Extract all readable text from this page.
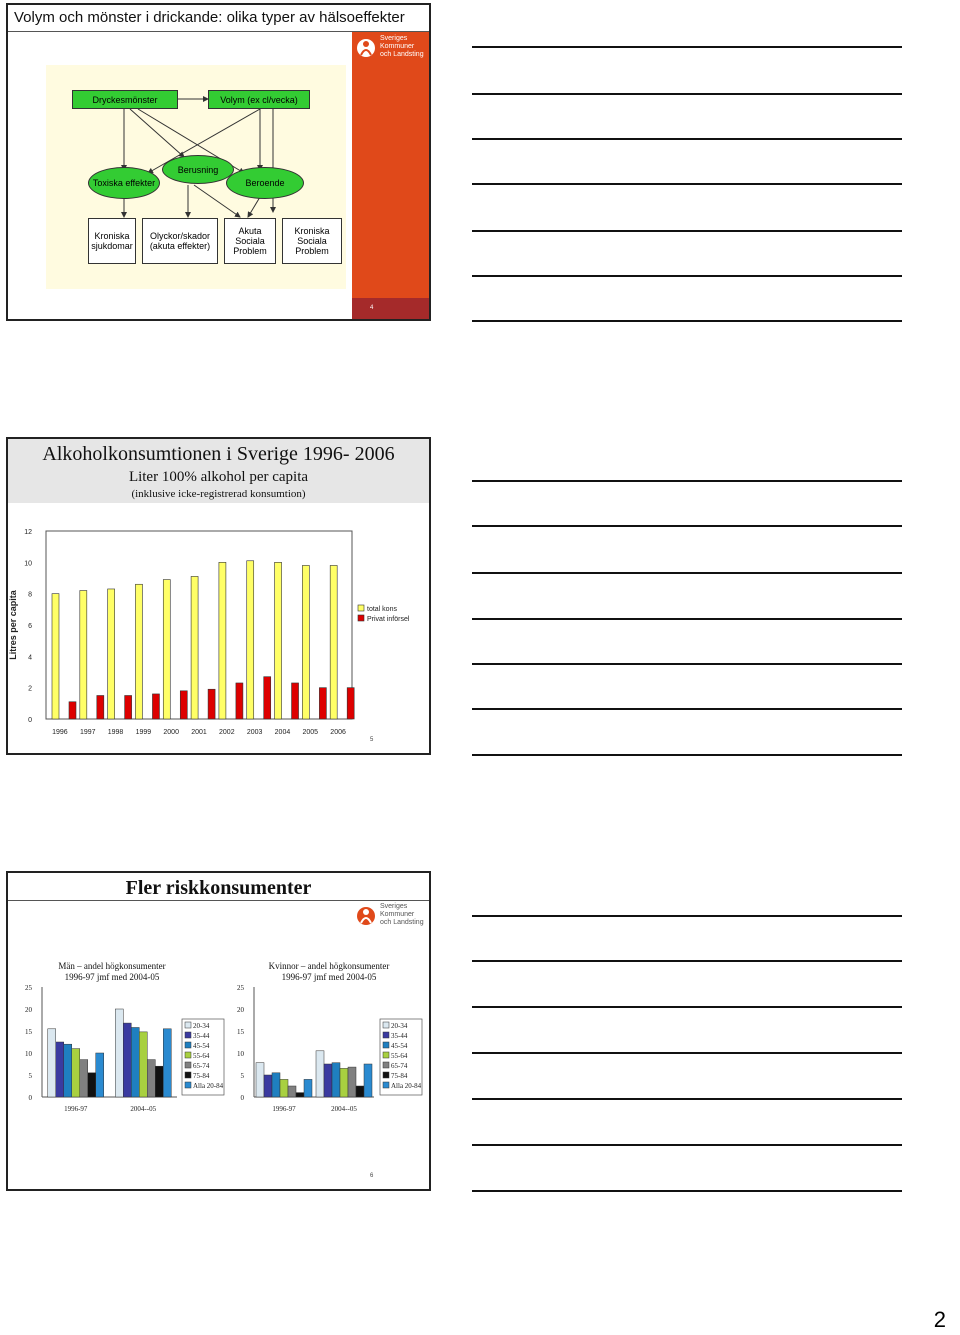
Volym och mönster i drickande: olika typer av hälsoeffekter
4
Sveriges
Kommuner
och Landsting
Dryckesmönster	Volym (ex cl/vecka)
Berusning
Toxiska effekter	Beroende
Kroniska sjukdomar
Olyckor/skador (akuta effekter)
Akuta Sociala Problem
Kroniska Sociala Problem
Alkoholkonsumtionen i Sverige 1996- 2006
Liter 100% alkohol per capita
(inklusive icke-registrerad konsumtion)
0
2
4
6
8
10
12
Litres per capita
1996 1997 1998 1999 2000 2001 2002 2003 2004 2005 2006
total kons
Privat införsel
5
Fler riskkonsumenter
Sveriges
Kommuner
och Landsting
Män – andel högkonsumenter
1996-97 jmf med 2004-05
0
5
10
15
20
25
1996-97	2004--05
20-34
35-44
45-54
55-64
65-74
75-84
Alla 20-84
Kvinnor – andel högkonsumenter
1996-97 jmf med 2004-05
0
5
10
15
20
25
1996-97	2004--05
20-34
35-44
45-54
55-64
65-74
75-84
Alla 20-84
6
2
